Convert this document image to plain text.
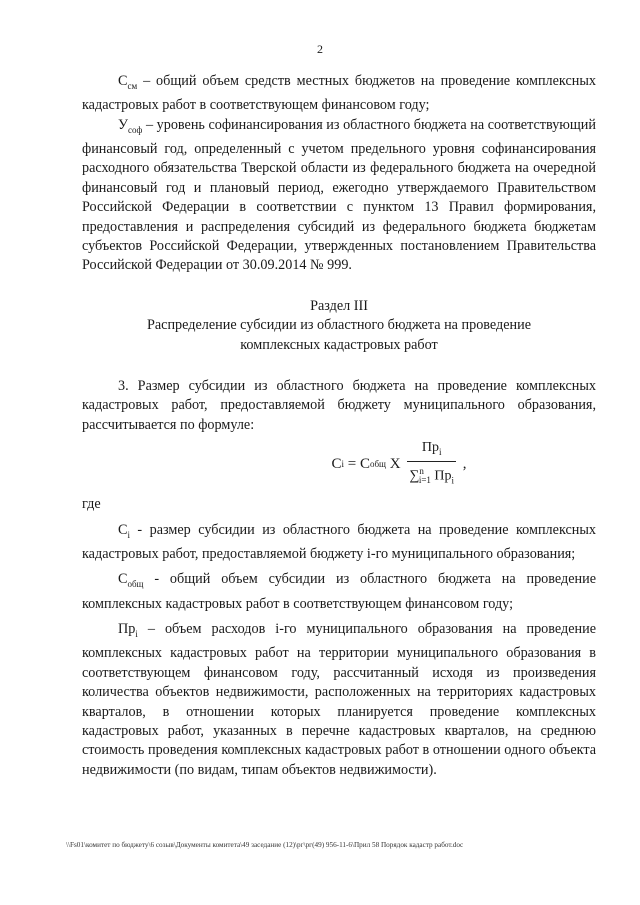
2

$С_{см}$ – общий объем средств местных бюджетов на проведение комплексных кадастровых работ в соответствующем финансовом году;

$У_{соф}$ – уровень софинансирования из областного бюджета на соответствующий финансовый год, определенный с учетом предельного уровня софинансирования расходного обязательства Тверской области из федерального бюджета на очередной финансовый год и плановый период, ежегодно утверждаемого Правительством Российской Федерации в соответствии с пунктом 13 Правил формирования, предоставления и распределения субсидий из федерального бюджета бюджетам субъектов Российской Федерации, утвержденных постановлением Правительства Российской Федерации от 30.09.2014 № 999.

Раздел III
Распределение субсидии из областного бюджета на проведение
комплексных кадастровых работ

3. Размер субсидии из областного бюджета на проведение комплексных кадастровых работ, предоставляемой бюджету муниципального образования, рассчитывается по формуле:

C i = C общ X $\frac{Пр_i}{\sum^n_{i=1} Пр_i}$ ,

где

$С_i$ - размер субсидии из областного бюджета на проведение комплексных кадастровых работ, предоставляемой бюджету i-го муниципального образования;

$С_{общ}$ - общий объем субсидии из областного бюджета на проведение комплексных кадастровых работ в соответствующем финансовом году;

$Пр_i$ – объем расходов i-го муниципального образования на проведение комплексных кадастровых работ на территории муниципального образования в соответствующем финансовом году, рассчитанный исходя из произведения количества объектов недвижимости, расположенных на территориях кадастровых кварталов, в отношении которых планируется проведение комплексных кадастровых работ, указанных в перечне кадастровых кварталов, на среднюю стоимость проведения комплексных кадастровых работ в отношении одного объекта недвижимости (по видам, типам объектов недвижимости).

\\Fs01\комитет по бюджету\6 созыв\Документы комитета\49 заседание (12)\рг\рг(49) 956-11-6\Прил 58 Порядок кадастр работ.doc
